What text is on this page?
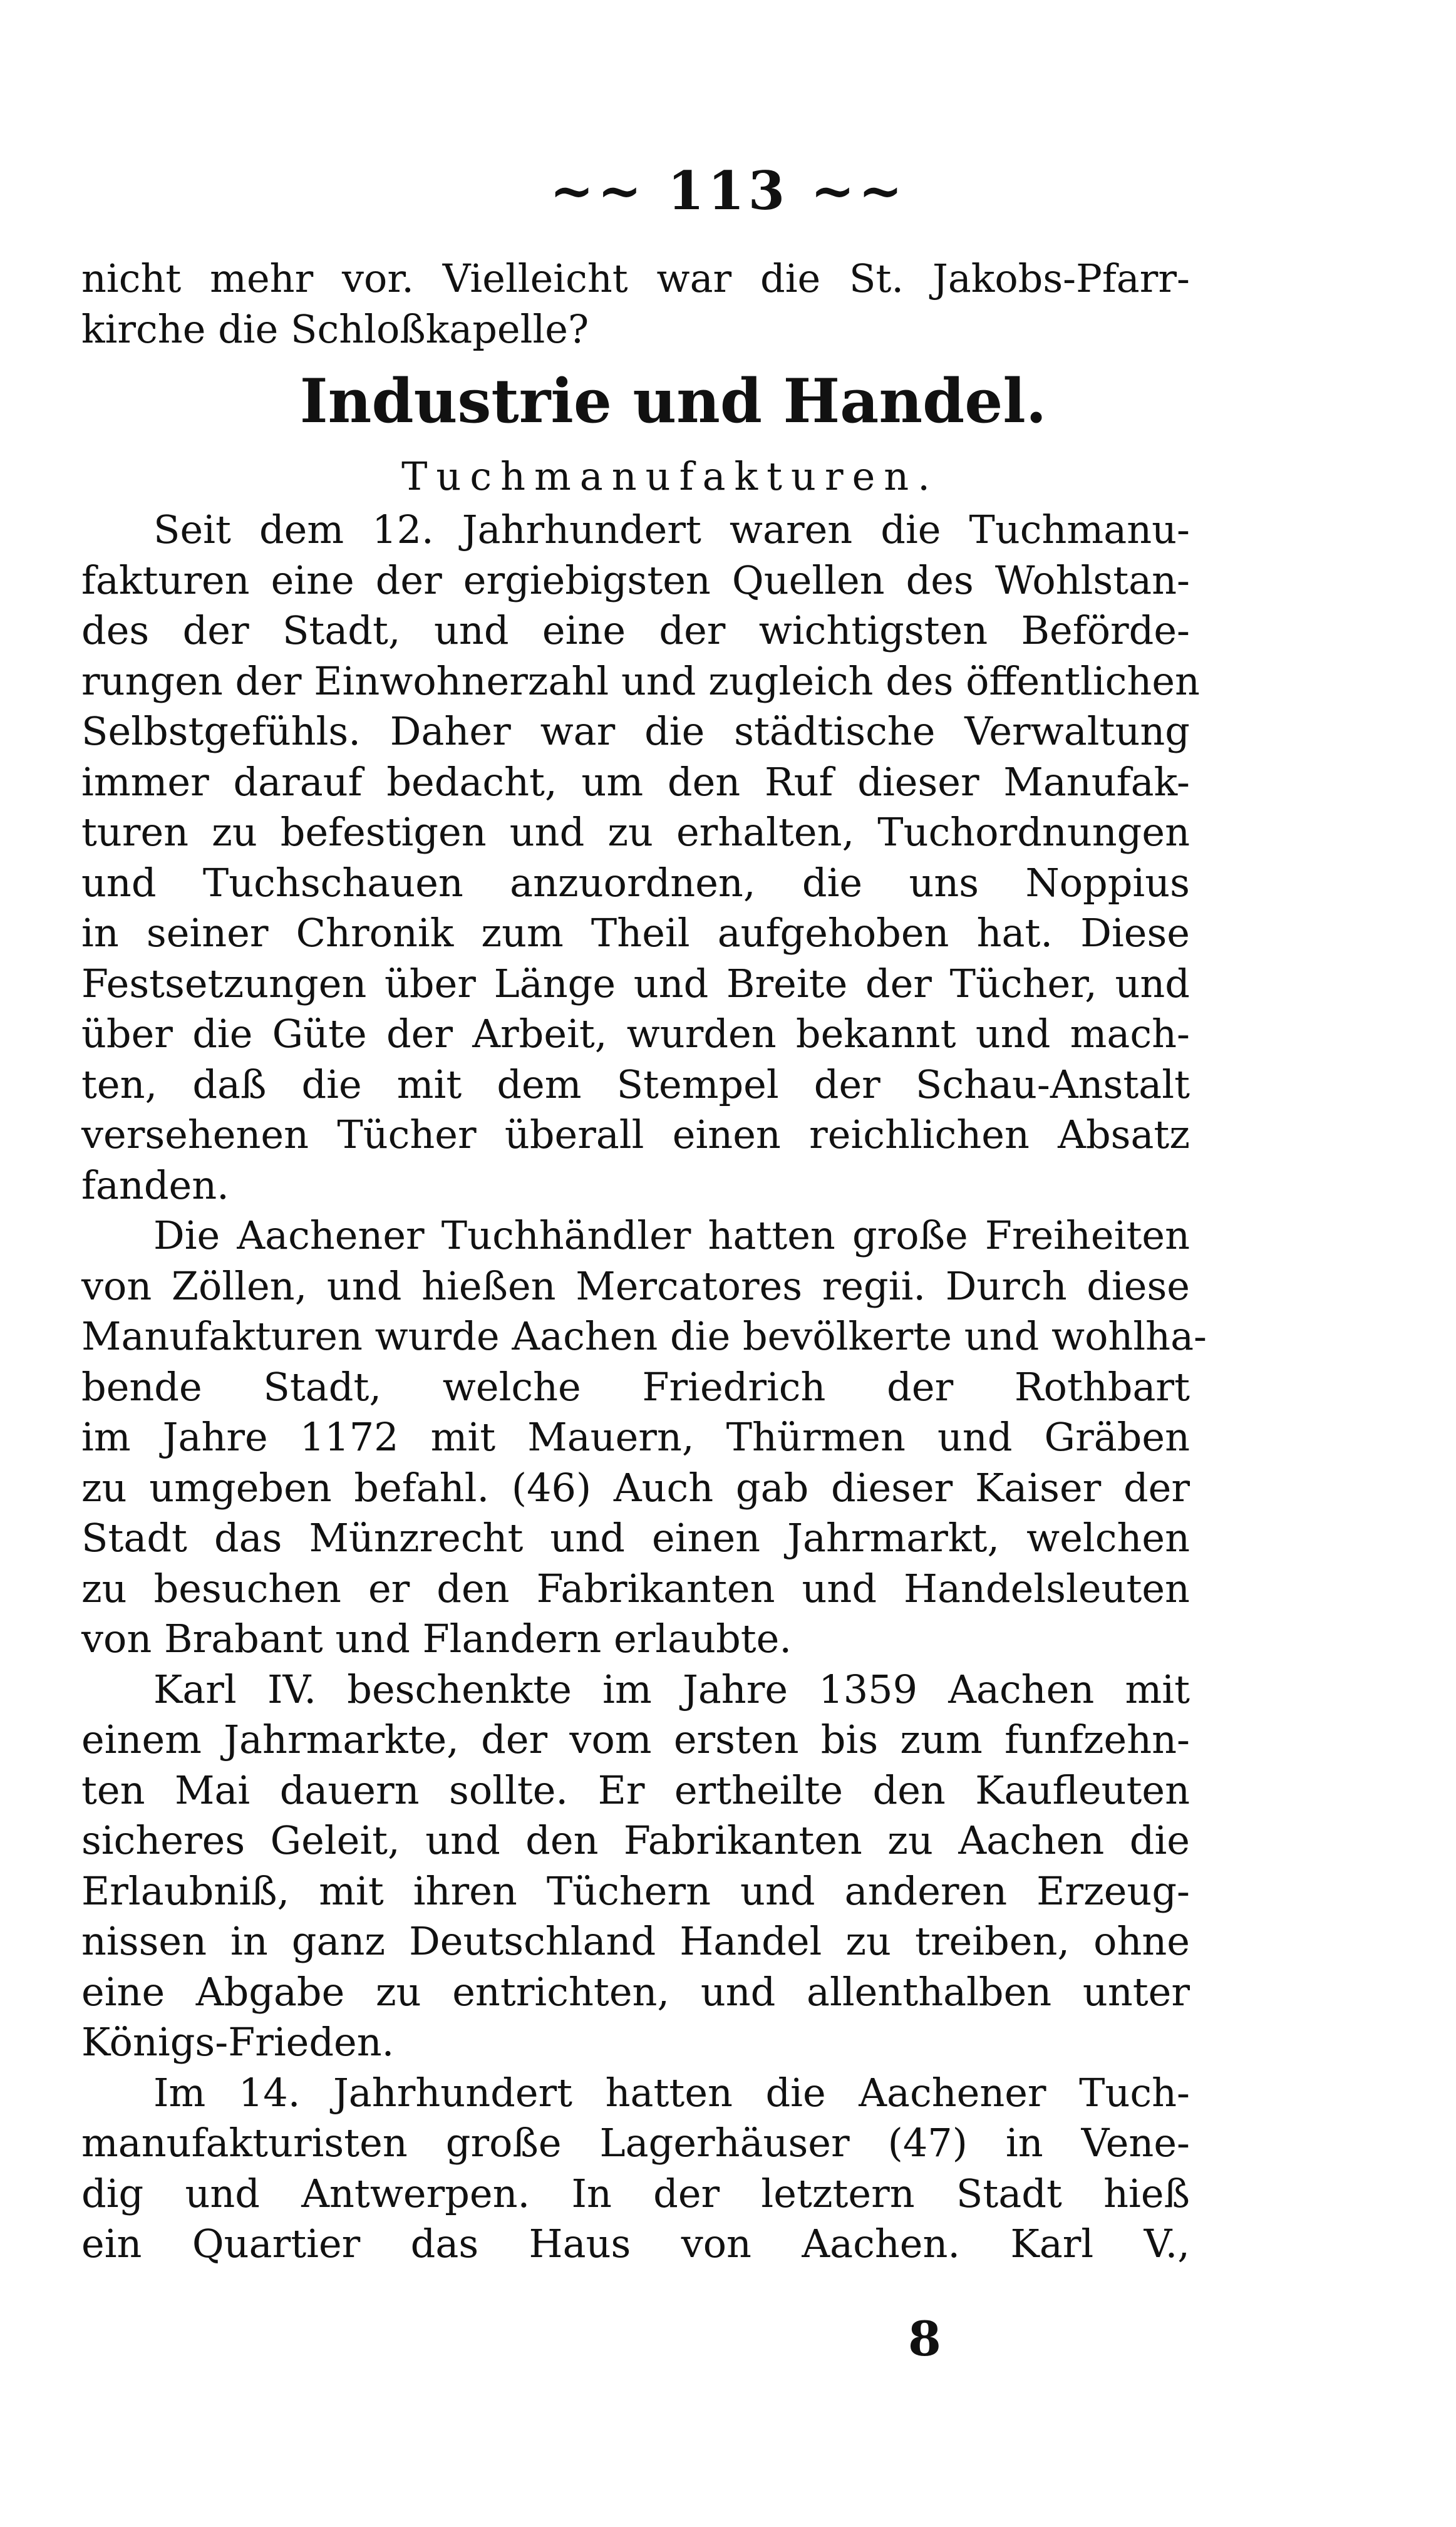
~~ 113 ~~
nicht mehr vor. Vielleicht war die St. Jakobs-Pfarr-
kirche die Schloßkapelle?
Industrie und Handel.
Tuchmanufakturen.
Seit dem 12. Jahrhundert waren die Tuchmanu-
fakturen eine der ergiebigsten Quellen des Wohlstan-
des der Stadt, und eine der wichtigsten Beförde-
rungen der Einwohnerzahl und zugleich des öffentlichen
Selbstgefühls. Daher war die städtische Verwaltung
immer darauf bedacht, um den Ruf dieser Manufak-
turen zu befestigen und zu erhalten, Tuchordnungen
und Tuchschauen anzuordnen, die uns Noppius
in seiner Chronik zum Theil aufgehoben hat. Diese
Festsetzungen über Länge und Breite der Tücher, und
über die Güte der Arbeit, wurden bekannt und mach-
ten, daß die mit dem Stempel der Schau-Anstalt
versehenen Tücher überall einen reichlichen Absatz
fanden.
Die Aachener Tuchhändler hatten große Freiheiten
von Zöllen, und hießen Mercatores regii. Durch diese
Manufakturen wurde Aachen die bevölkerte und wohlha-
bende Stadt, welche Friedrich der Rothbart
im Jahre 1172 mit Mauern, Thürmen und Gräben
zu umgeben befahl. (46) Auch gab dieser Kaiser der
Stadt das Münzrecht und einen Jahrmarkt, welchen
zu besuchen er den Fabrikanten und Handelsleuten
von Brabant und Flandern erlaubte.
Karl IV. beschenkte im Jahre 1359 Aachen mit
einem Jahrmarkte, der vom ersten bis zum funfzehn-
ten Mai dauern sollte. Er ertheilte den Kaufleuten
sicheres Geleit, und den Fabrikanten zu Aachen die
Erlaubniß, mit ihren Tüchern und anderen Erzeug-
nissen in ganz Deutschland Handel zu treiben, ohne
eine Abgabe zu entrichten, und allenthalben unter
Königs-Frieden.
Im 14. Jahrhundert hatten die Aachener Tuch-
manufakturisten große Lagerhäuser (47) in Vene-
dig und Antwerpen. In der letztern Stadt hieß
ein Quartier das Haus von Aachen. Karl V.,
8
